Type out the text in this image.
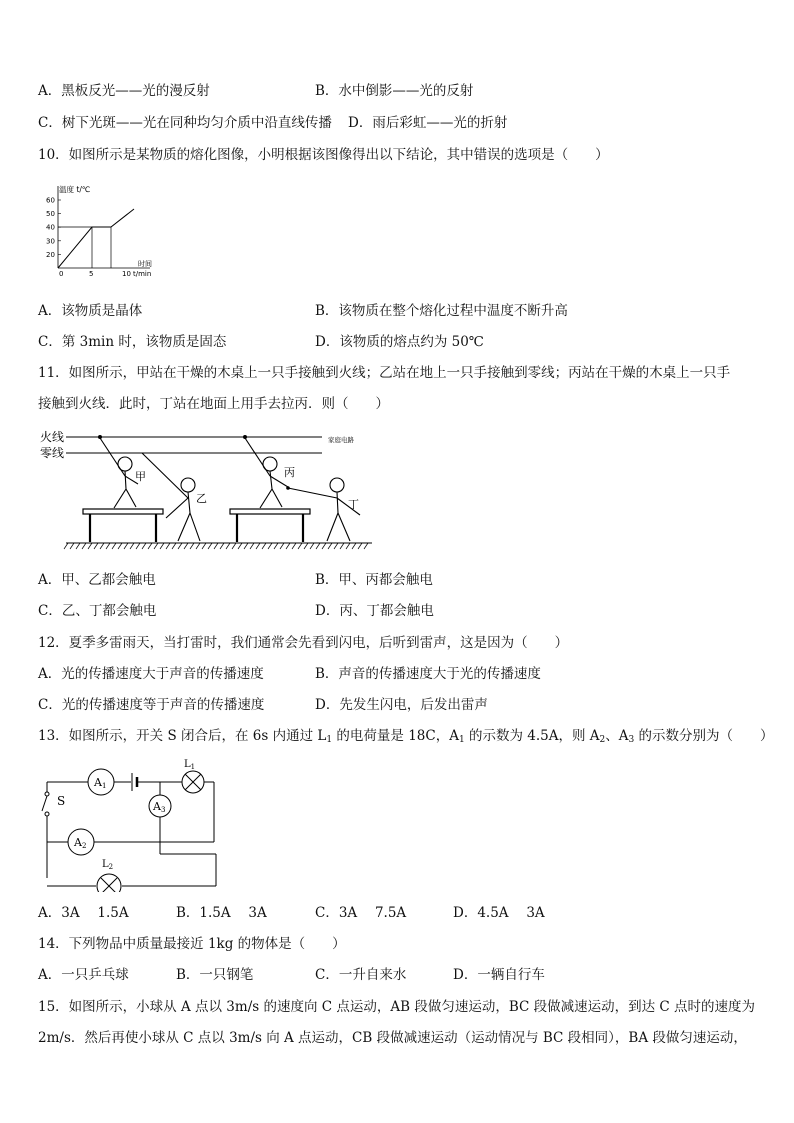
A．黑板反光——光的漫反射	B．水中倒影——光的反射
C．树下光斑——光在同种均匀介质中沿直线传播 D．雨后彩虹——光的折射
10．如图所示是某物质的熔化图像，小明根据该图像得出以下结论，其中错误的选项是（　　）
温度 t/℃
60
50
40
30
20
0	5	10
时间
t/min
A．该物质是晶体	B．该物质在整个熔化过程中温度不断升高
C．第 3min 时，该物质是固态	D．该物质的熔点约为 50℃
11．如图所示，甲站在干燥的木桌上一只手接触到火线；乙站在地上一只手接触到零线；丙站在干燥的木桌上一只手
接触到火线．此时，丁站在地面上用手去拉丙．则（　　）
火线
零线
家庭电路
甲
乙
丙
丁
A．甲、乙都会触电	B．甲、丙都会触电
C．乙、丁都会触电	D．丙、丁都会触电
12．夏季多雷雨天，当打雷时，我们通常会先看到闪电，后听到雷声，这是因为（　　）
A．光的传播速度大于声音的传播速度	B．声音的传播速度大于光的传播速度
C．光的传播速度等于声音的传播速度	D．先发生闪电，后发出雷声
13．如图所示，开关 S 闭合后，在 6s 内通过 $L_1$ 的电荷量是 18C，$A_1$ 的示数为 4.5A，则 $A_2$、$A_3$ 的示数分别为（　　）
S
A1
$L_1$
A3
A2
$L_2$
A．3A　 1.5A	B．1.5A　 3A	C．3A　 7.5A	D．4.5A　 3A
14．下列物品中质量最接近 1kg 的物体是（　　）
A．一只乒乓球	B．一只钢笔	C．一升自来水	D．一辆自行车
15．如图所示，小球从 A 点以 3m/s 的速度向 C 点运动，AB 段做匀速运动，BC 段做减速运动，到达 C 点时的速度为
2m/s．然后再使小球从 C 点以 3m/s 向 A 点运动，CB 段做减速运动（运动情况与 BC 段相同），BA 段做匀速运动，
